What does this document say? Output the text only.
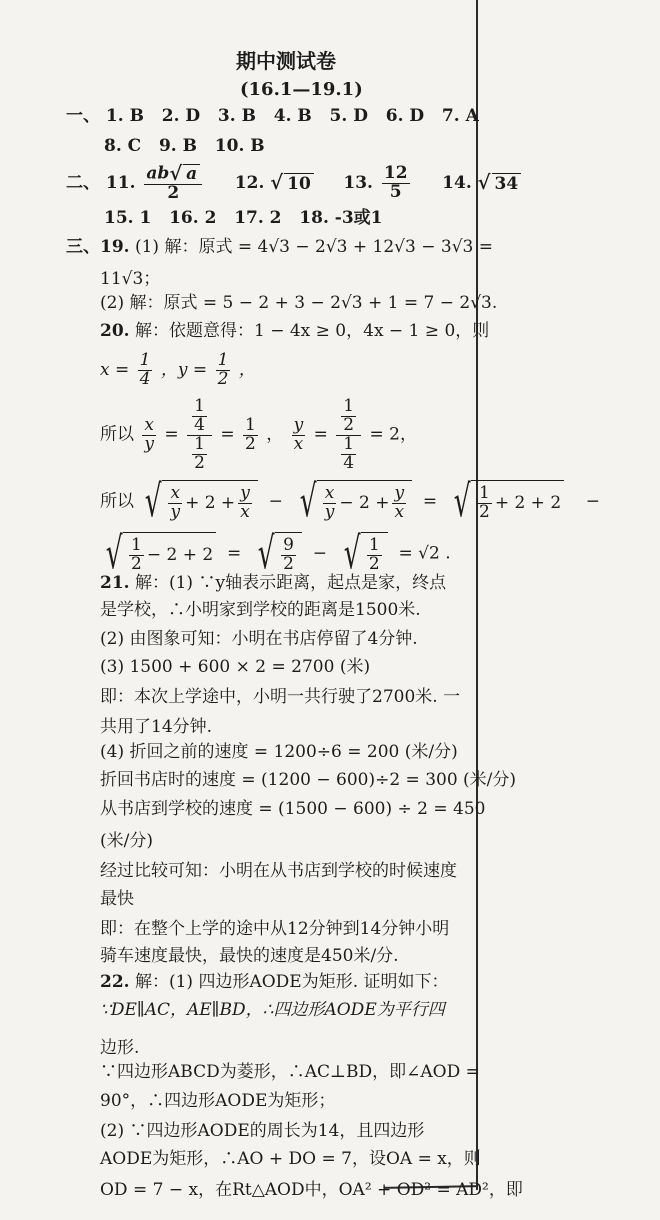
期中测试卷
(16.1—19.1)
一、 1. B 2. D 3. B 4. B 5. D 6. D 7. A
8. C 9. B 10. B
二、 11. $\frac{ab √ a}{2} 12$. √ 10 13. $\frac{12}{5} 14$. √ 34
15. 1 16. 2 17. 2 18. -3或1
三、19. (1) 解：原式 = 4√3 − 2√3 + 12√3 − 3√3 =
11√3；
(2) 解：原式 = 5 − 2 + 3 − 2√3 + 1 = 7 − 2√3.
20. 解：依题意得：1 − 4x ≥ 0，4x − 1 ≥ 0，则
$x = \frac{1}{4}$ ，$y = \frac{1}{2}$ ，
所以 $\frac{x}{y} = \frac{\frac{1}{4}}{\frac{1}{2}} = \frac{1}{2}$ ， $\frac{y}{x} = \frac{\frac{1}{2}}{\frac{1}{4}} = 2$，
所以 √ $\frac{x}{y} + 2 + \frac{y}{x}$ − √ $\frac{x}{y} - 2 + \frac{y}{x}$ = √ $\frac{1}{2} + 2 + 2$ −
√ $\frac{1}{2} - 2 + 2$ = √ $\frac{9}{2}$ − √ $\frac{1}{2} = √2$ .
21. 解：(1) ∵y轴表示距离，起点是家，终点
是学校，∴小明家到学校的距离是1500米.
(2) 由图象可知：小明在书店停留了4分钟.
(3) 1500 + 600 × 2 = 2700 (米)
即：本次上学途中，小明一共行驶了2700米. 一
共用了14分钟.
(4) 折回之前的速度 = 1200÷6 = 200 (米/分)
折回书店时的速度 = (1200 − 600)÷2 = 300 (米/分)
从书店到学校的速度 = (1500 − 600) ÷ 2 = 450
(米/分)
经过比较可知：小明在从书店到学校的时候速度
最快
即：在整个上学的途中从12分钟到14分钟小明
骑车速度最快，最快的速度是450米/分.
22. 解：(1) 四边形AODE为矩形. 证明如下：
∵DE∥AC，AE∥BD，∴四边形AODE为平行四
边形.
∵四边形ABCD为菱形，∴AC⊥BD，即∠AOD =
90°，∴四边形AODE为矩形；
(2) ∵四边形AODE的周长为14，且四边形
AODE为矩形，∴AO + DO = 7，设OA = x，则
OD = 7 − x，在Rt△AOD中，OA² + OD² = AD²，即
